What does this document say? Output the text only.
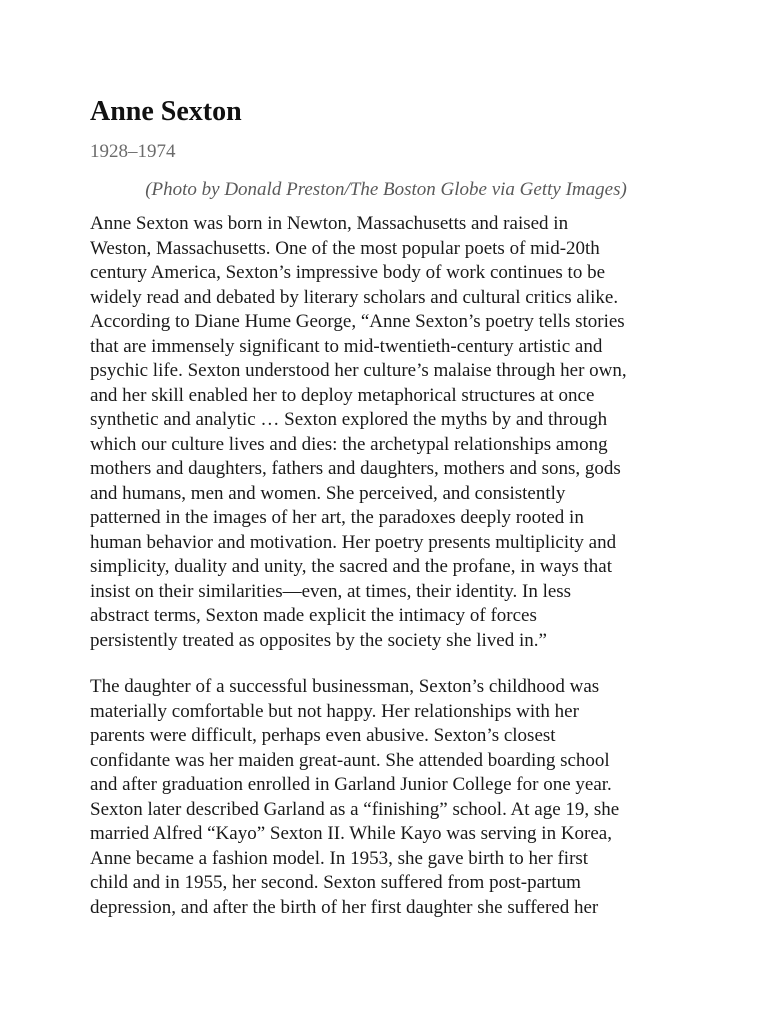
Anne Sexton
1928–1974
(Photo by Donald Preston/The Boston Globe via Getty Images)

Anne Sexton was born in Newton, Massachusetts and raised in
Weston, Massachusetts. One of the most popular poets of mid-20th
century America, Sexton’s impressive body of work continues to be
widely read and debated by literary scholars and cultural critics alike.
According to Diane Hume George, “Anne Sexton’s poetry tells stories
that are immensely significant to mid-twentieth-century artistic and
psychic life. Sexton understood her culture’s malaise through her own,
and her skill enabled her to deploy metaphorical structures at once
synthetic and analytic … Sexton explored the myths by and through
which our culture lives and dies: the archetypal relationships among
mothers and daughters, fathers and daughters, mothers and sons, gods
and humans, men and women. She perceived, and consistently
patterned in the images of her art, the paradoxes deeply rooted in
human behavior and motivation. Her poetry presents multiplicity and
simplicity, duality and unity, the sacred and the profane, in ways that
insist on their similarities—even, at times, their identity. In less
abstract terms, Sexton made explicit the intimacy of forces
persistently treated as opposites by the society she lived in.”

The daughter of a successful businessman, Sexton’s childhood was
materially comfortable but not happy. Her relationships with her
parents were difficult, perhaps even abusive. Sexton’s closest
confidante was her maiden great-aunt. She attended boarding school
and after graduation enrolled in Garland Junior College for one year.
Sexton later described Garland as a “finishing” school. At age 19, she
married Alfred “Kayo” Sexton II. While Kayo was serving in Korea,
Anne became a fashion model. In 1953, she gave birth to her first
child and in 1955, her second. Sexton suffered from post-partum
depression, and after the birth of her first daughter she suffered her
